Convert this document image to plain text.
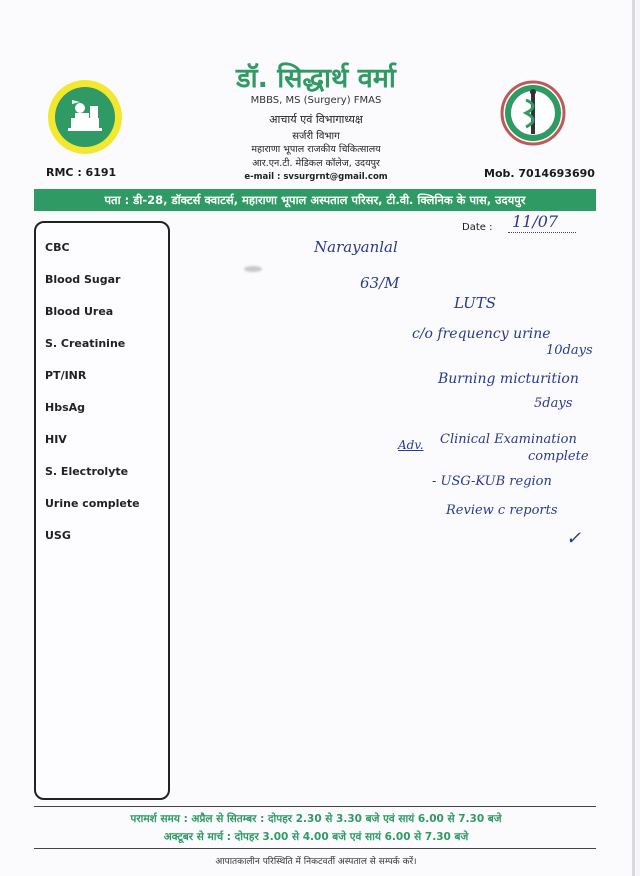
डॉ. सिद्धार्थ वर्मा
MBBS, MS (Surgery) FMAS
आचार्य एवं विभागाध्यक्ष
सर्जरी विभाग
महाराणा भूपाल राजकीय चिकित्सालय
आर.एन.टी. मेडिकल कॉलेज, उदयपुर
e-mail : svsurgrnt@gmail.com
RMC : 6191	Mob. 7014693690
पता : डी-28, डॉक्टर्स क्वाटर्स, महाराणा भूपाल अस्पताल परिसर, टी.वी. क्लिनिक के पास, उदयपुर
CBC
Blood Sugar
Blood Urea
S. Creatinine
PT/INR
HbsAg
HIV
S. Electrolyte
Urine complete
USG
Date : 11/07
Narayanlal
63/M
LUTS
c/o frequency urine
10days
Burning micturition
5days
Adv. Clinical Examination
complete
- USG-KUB region
Review c reports
✓
परामर्श समय : अप्रैल से सितम्बर : दोपहर 2.30 से 3.30 बजे एवं सायं 6.00 से 7.30 बजे
अक्टूबर से मार्च : दोपहर 3.00 से 4.00 बजे एवं सायं 6.00 से 7.30 बजे
आपातकालीन परिस्थिति में निकटवर्ती अस्पताल से सम्पर्क करें।
